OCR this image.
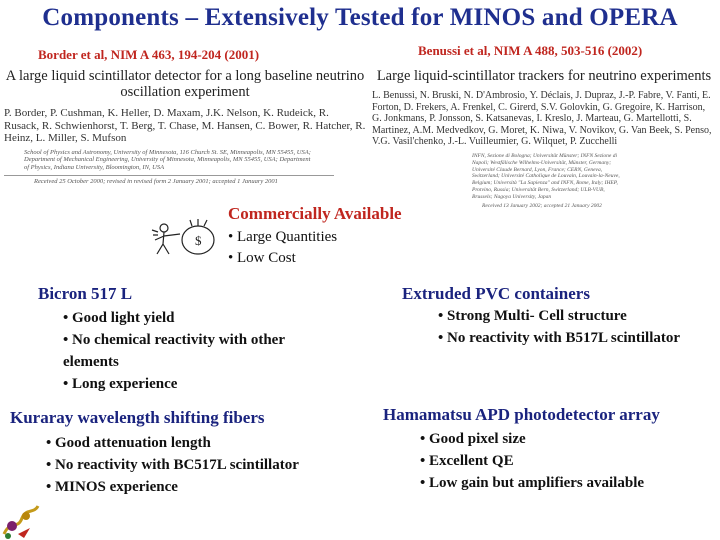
Components – Extensively Tested for MINOS and OPERA
Border et al, NIM A 463, 194-204 (2001)
A large liquid scintillator detector for a long baseline neutrino oscillation experiment
P. Border, P. Cushman, K. Heller, D. Maxam, J.K. Nelson, K. Rudeick, R. Rusack, R. Schwienhorst, T. Berg, T. Chase, M. Hansen, C. Bower, R. Hatcher, R. Heinz, L. Miller, S. Mufson
School of Physics and Astronomy, University of Minnesota, 116 Church St. SE, Minneapolis, MN 55455, USA; Department of Mechanical Engineering, University of Minnesota, Minneapolis, MN 55455, USA; Department of Physics, Indiana University, Bloomington, IN, USA
Received 25 October 2000; revised in revised form 2 January 2001; accepted 1 January 2001
Benussi et al, NIM A 488, 503-516 (2002)
Large liquid-scintillator trackers for neutrino experiments
L. Benussi, N. Bruski, N. D'Ambrosio, Y. Déclais, J. Dupraz, J.-P. Fabre, V. Fanti, E. Forton, D. Frekers, A. Frenkel, C. Girerd, S.V. Golovkin, G. Gregoire, K. Harrison, G. Jonkmans, P. Jonsson, S. Katsanevas, I. Kreslo, J. Marteau, G. Martellotti, S. Martinez, A.M. Medvedkov, G. Moret, K. Niwa, V. Novikov, G. Van Beek, S. Penso, V.G. Vasil'chenko, J.-L. Vuilleumier, G. Wilquet, P. Zucchelli
INFN, Sezione di Bologna; Universität Münster; INFN Sezione di Napoli; Westfälische Wilhelms-Universität, Münster, Germany; Université Claude Bernard, Lyon, France; CERN, Geneva, Switzerland; Université Catholique de Louvain, Louvain-la-Neuve, Belgium; Università "La Sapienza" and INFN, Rome, Italy; IHEP, Protvino, Russia; Universität Bern, Switzerland; ULB-VUB, Brussels; Nagoya University, Japan
Received 13 January 2002; accepted 21 January 2002
$
Commercially Available
• Large Quantities
• Low Cost
Bicron 517 L
• Good light yield
• No chemical reactivity with other elements
• Long experience
Extruded PVC containers
• Strong Multi- Cell structure
• No reactivity with B517L scintillator
Kuraray wavelength shifting fibers
• Good attenuation length
• No reactivity with BC517L scintillator
• MINOS experience
Hamamatsu APD photodetector array
• Good pixel size
• Excellent QE
• Low gain but amplifiers available
